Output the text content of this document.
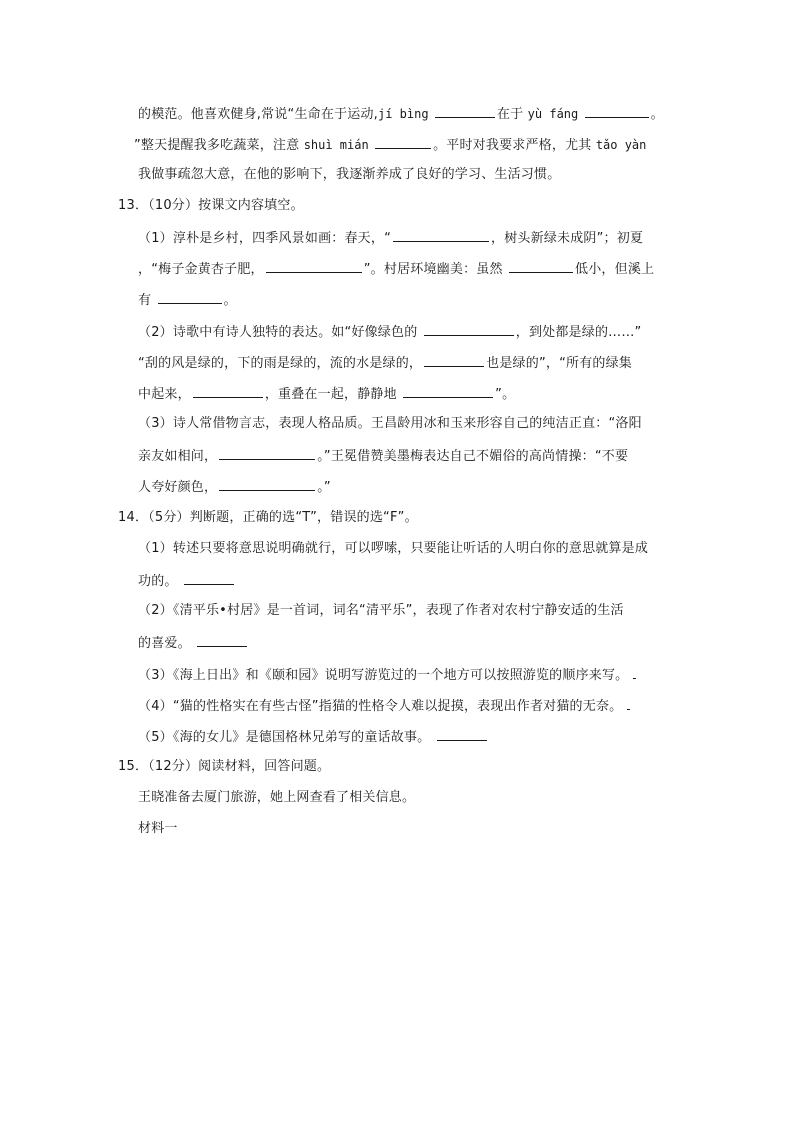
的模范。他喜欢健身,常说“生命在于运动,jí bìng	在于 yù fáng	。
”整天提醒我多吃蔬菜，注意 shuì mián	。平时对我要求严格，尤其 tǎo yàn
我做事疏忽大意，在他的影响下，我逐渐养成了良好的学习、生活习惯。
13．（10分）按课文内容填空。
（1）淳朴是乡村，四季风景如画：春天，“	，树头新绿未成阴”；初夏
，“梅子金黄杏子肥，	”。村居环境幽美：虽然	低小，但溪上
有	。
（2）诗歌中有诗人独特的表达。如“好像绿色的	，到处都是绿的……”
“刮的风是绿的，下的雨是绿的，流的水是绿的，	也是绿的”，“所有的绿集
中起来，	，重叠在一起，静静地	”。
（3）诗人常借物言志，表现人格品质。王昌龄用冰和玉来形容自己的纯洁正直：“洛阳
亲友如相问，	。”王冕借赞美墨梅表达自己不媚俗的高尚情操：“不要
人夸好颜色，	。”
14．（5分）判断题，正确的选“T”，错误的选“F”。
（1）转述只要将意思说明确就行，可以啰嗦，只要能让听话的人明白你的意思就算是成
功的。
（2）《清平乐•村居》是一首词，词名“清平乐”，表现了作者对农村宁静安适的生活
的喜爱。
（3）《海上日出》和《颐和园》说明写游览过的一个地方可以按照游览的顺序来写。
（4）“猫的性格实在有些古怪”指猫的性格令人难以捉摸，表现出作者对猫的无奈。
（5）《海的女儿》是德国格林兄弟写的童话故事。
15．（12分）阅读材料，回答问题。
王晓准备去厦门旅游，她上网查看了相关信息。
材料一
